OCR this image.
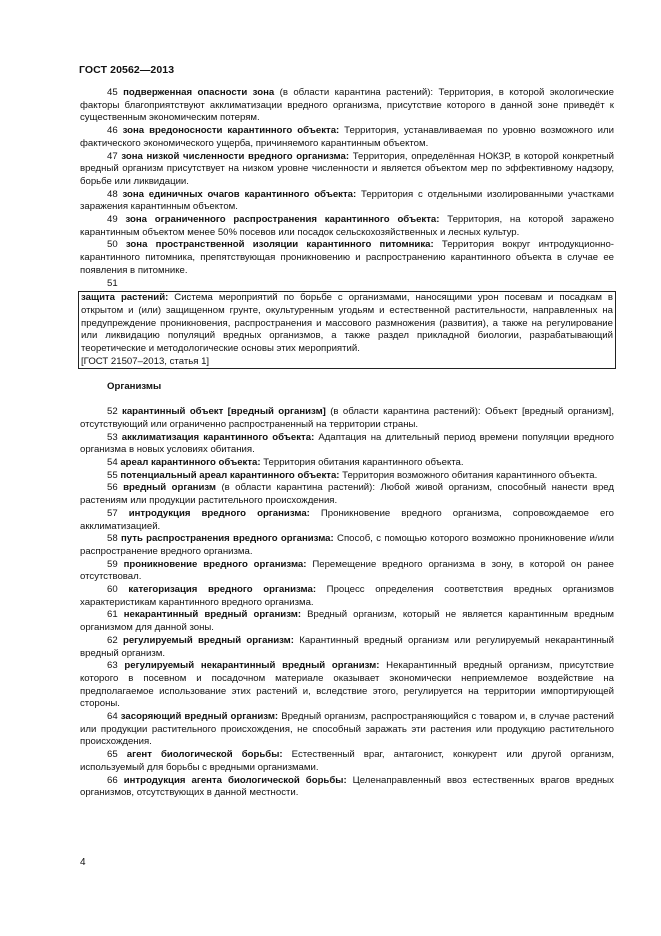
ГОСТ 20562—2013

45 подверженная опасности зона (в области карантина растений): Территория, в которой экологические факторы благоприятствуют акклиматизации вредного организма, присутствие которого в данной зоне приведёт к существенным экономическим потерям.

46 зона вредоносности карантинного объекта: Территория, устанавливаемая по уровню возможного или фактического экономического ущерба, причиняемого карантинным объектом.

47 зона низкой численности вредного организма: Территория, определённая НОКЗР, в которой конкретный вредный организм присутствует на низком уровне численности и является объектом мер по эффективному надзору, борьбе или ликвидации.

48 зона единичных очагов карантинного объекта: Территория с отдельными изолированными участками заражения карантинным объектом.

49 зона ограниченного распространения карантинного объекта: Территория, на которой заражено карантинным объектом менее 50% посевов или посадок сельскохозяйственных и лесных культур.

50 зона пространственной изоляции карантинного питомника: Территория вокруг интродукционно-карантинного питомника, препятствующая проникновению и распространению карантинного объекта в случае ее появления в питомнике.

51

защита растений: Система мероприятий по борьбе с организмами, наносящими урон посевам и посадкам в открытом и (или) защищенном грунте, окультуренным угодьям и естественной растительности, направленных на предупреждение проникновения, распространения и массового размножения (развития), а также на регулирование или ликвидацию популяций вредных организмов, а также раздел прикладной биологии, разрабатывающий теоретические и методологические основы этих мероприятий.

[ГОСТ 21507–2013, статья 1]

Организмы

52 карантинный объект [вредный организм] (в области карантина растений): Объект [вредный организм], отсутствующий или ограниченно распространенный на территории страны.

53 акклиматизация карантинного объекта: Адаптация на длительный период времени популяции вредного организма в новых условиях обитания.

54 ареал карантинного объекта: Территория обитания карантинного объекта.

55 потенциальный ареал карантинного объекта: Территория возможного обитания карантинного объекта.

56 вредный организм (в области карантина растений): Любой живой организм, способный нанести вред растениям или продукции растительного происхождения.

57 интродукция вредного организма: Проникновение вредного организма, сопровождаемое его акклиматизацией.

58 путь распространения вредного организма: Способ, с помощью которого возможно проникновение и/или распространение вредного организма.

59 проникновение вредного организма: Перемещение вредного организма в зону, в которой он ранее отсутствовал.

60 категоризация вредного организма: Процесс определения соответствия вредных организмов характеристикам карантинного вредного организма.

61 некарантинный вредный организм: Вредный организм, который не является карантинным вредным организмом для данной зоны.

62 регулируемый вредный организм: Карантинный вредный организм или регулируемый некарантинный вредный организм.

63 регулируемый некарантинный вредный организм: Некарантинный вредный организм, присутствие которого в посевном и посадочном материале оказывает экономически неприемлемое воздействие на предполагаемое использование этих растений и, вследствие этого, регулируется на территории импортирующей стороны.

64 засоряющий вредный организм: Вредный организм, распространяющийся с товаром и, в случае растений или продукции растительного происхождения, не способный заражать эти растения или продукцию растительного происхождения.

65 агент биологической борьбы: Естественный враг, антагонист, конкурент или другой организм, используемый для борьбы с вредными организмами.

66 интродукция агента биологической борьбы: Целенаправленный ввоз естественных врагов вредных организмов, отсутствующих в данной местности.

4
